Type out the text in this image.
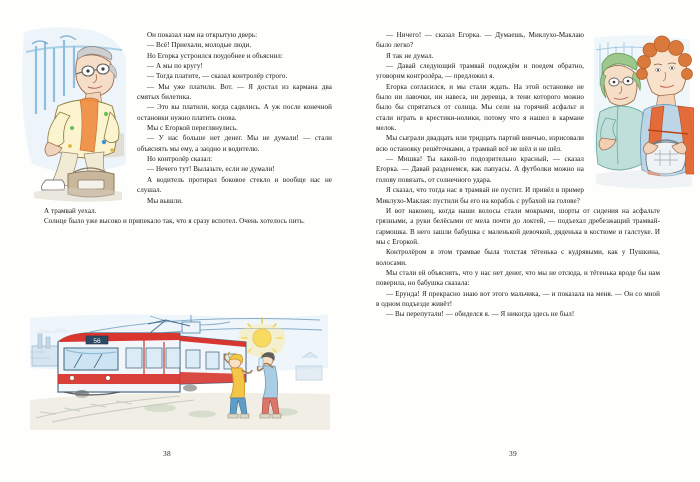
Он показал нам на открытую дверь:

— Всё! Приехали, молодые люди.

Но Егорка устроился поудобнее и объяснил:

— А мы по кругу!

— Тогда платите, — сказал контролёр строго.

— Мы уже платили. Вот. — Я достал из кармана два смятых билетика.

— Это вы платили, когда садились. А уж после конечной остановки нужно платить снова.

Мы с Егоркой переглянулись.

— У нас больше нет денег. Мы не думали! — стали объяснять мы ему, а заодно и водителю.

Но контролёр сказал:

— Нечего тут! Вылазьте, если не думали!

А водитель протирал боковое стекло и вообще нас не слушал.

Мы вышли.

А трамвай уехал.

Солнце было уже высоко и припекало так, что я сразу вспотел. Очень хотелось пить.

56
38

— Ничего! — сказал Егорка. — Думаешь, Миклухо-Маклаю было легко?

Я так не думал.

— Давай следующий трамвай подождём и поедем обратно, уговорим контролёра, — предложил я.

Егорка согласился, и мы стали ждать. На этой остановке не было ни лавочки, ни навеса, ни деревца, в тени которого можно было бы спрятаться от солнца. Мы сели на горячий асфальт и стали играть в крестики-нолики, потому что я нашел в кармане мелок.

Мы сыграли двадцать или тридцать партий вничью, изрисовали всю остановку решёточками, а трамвай всё не шёл и не шёл.

— Мишка! Ты какой-то подозрительно красный, — сказал Егорка. — Давай разденемся, как папуасы. А футболки можно на голову повязать, от солнечного удара.

Я сказал, что тогда нас в трамвай не пустит. И привёл в пример Миклухо-Маклая: пустили бы его на корабль с рубахой на голове?

И вот наконец, когда наши волосы стали мокрыми, шорты от сидения на асфальте грязными, а руки белёсыми от мела почти до локтей, — подъехал дребезжащий трамвай-гармошка. В него зашли бабушка с маленькой девочкой, дяденька в костюме и галстуке. И мы с Егоркой.

Контролёром в этом трамвае была толстая тётенька с кудрявыми, как у Пушкина, волосами.

Мы стали ей объяснять, что у нас нет денег, что мы не отсюда, и тётенька вроде бы нам поверила, но бабушка сказала:

— Ерунда! Я прекрасно знаю вот этого мальчика, — и показала на меня. — Он со мной в одном подъезде живёт!

— Вы перепутали! — обиделся я. — Я никогда здесь не был!

39
